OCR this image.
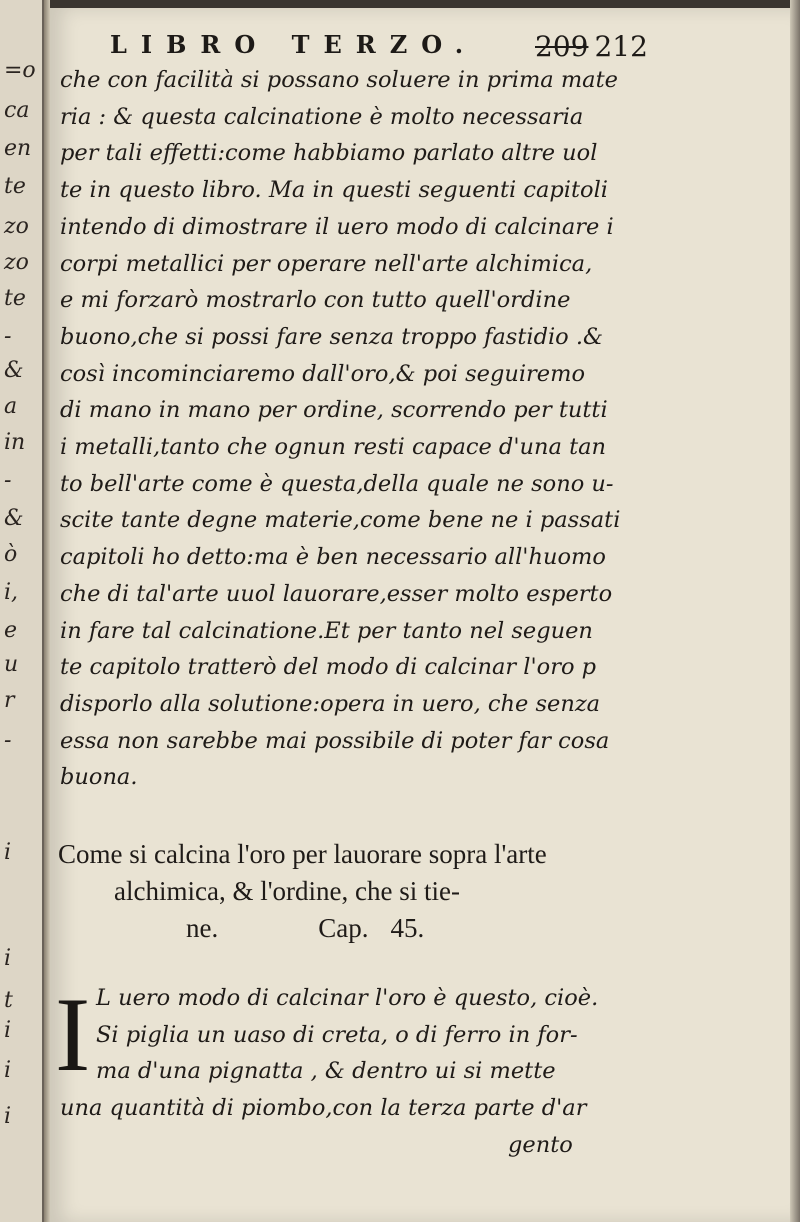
=o
ca
en
te
zo
zo
te
-
&
a
in
-
&
ò
i,
e
u
r
-
i
i
t
i
i
i
LIBRO TERZO.	209 212
che con facilità si possano soluere in prima mate
ria : & questa calcinatione è molto necessaria
per tali effetti:come habbiamo parlato altre uol
te in questo libro. Ma in questi seguenti capitoli
intendo di dimostrare il uero modo di calcinare i
corpi metallici per operare nell'arte alchimica,
e mi forzarò mostrarlo con tutto quell'ordine
buono,che si possi fare senza troppo fastidio .&
così incominciaremo dall'oro,& poi seguiremo
di mano in mano per ordine, scorrendo per tutti
i metalli,tanto che ognun resti capace d'una tan
to bell'arte come è questa,della quale ne sono u-
scite tante degne materie,come bene ne i passati
capitoli ho detto:ma è ben necessario all'huomo
che di tal'arte uuol lauorare,esser molto esperto
in fare tal calcinatione.Et per tanto nel seguen
te capitolo tratterò del modo di calcinar l'oro p
disporlo alla solutione:opera in uero, che senza
essa non sarebbe mai possibile di poter far cosa
buona.
Come si calcina l'oro per lauorare sopra l'arte
alchimica, & l'ordine, che si tie-
ne.	Cap. 45.
I L uero modo di calcinar l'oro è questo, cioè.
Si piglia un uaso di creta, o di ferro in for-
ma d'una pignatta , & dentro ui si mette
una quantità di piombo,con la terza parte d'ar
gento
